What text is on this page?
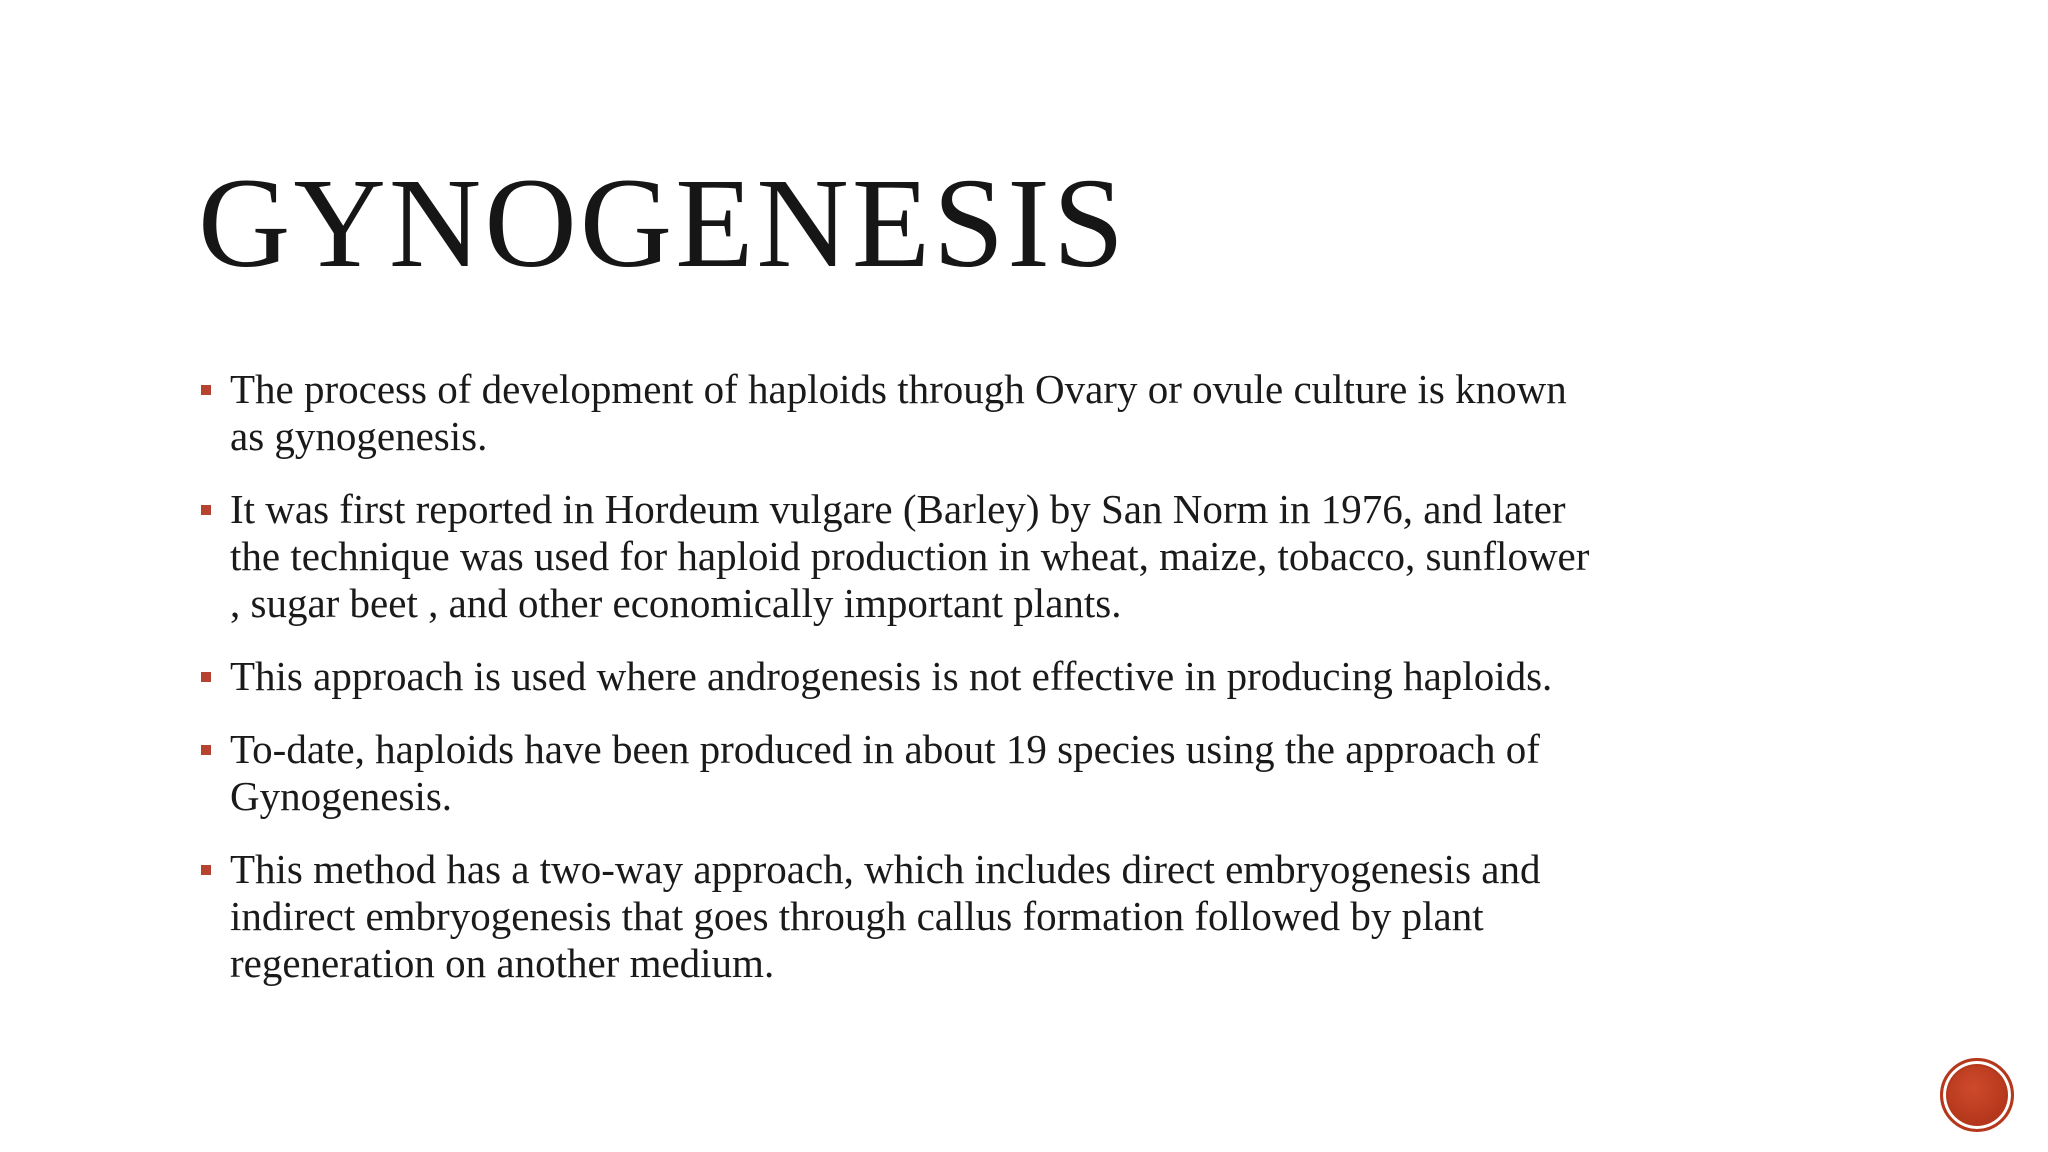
GYNOGENESIS
The process of development of haploids through Ovary or ovule culture is known
as gynogenesis.
It was first reported in Hordeum vulgare (Barley) by San Norm in 1976, and later
the technique was used for haploid production in wheat, maize, tobacco, sunflower
, sugar beet , and other economically important plants.
This approach is used where androgenesis is not effective in producing haploids.
To-date, haploids have been produced in about 19 species using the approach of
Gynogenesis.
This method has a two-way approach, which includes direct embryogenesis and
indirect embryogenesis that goes through callus formation followed by plant
regeneration on another medium.
